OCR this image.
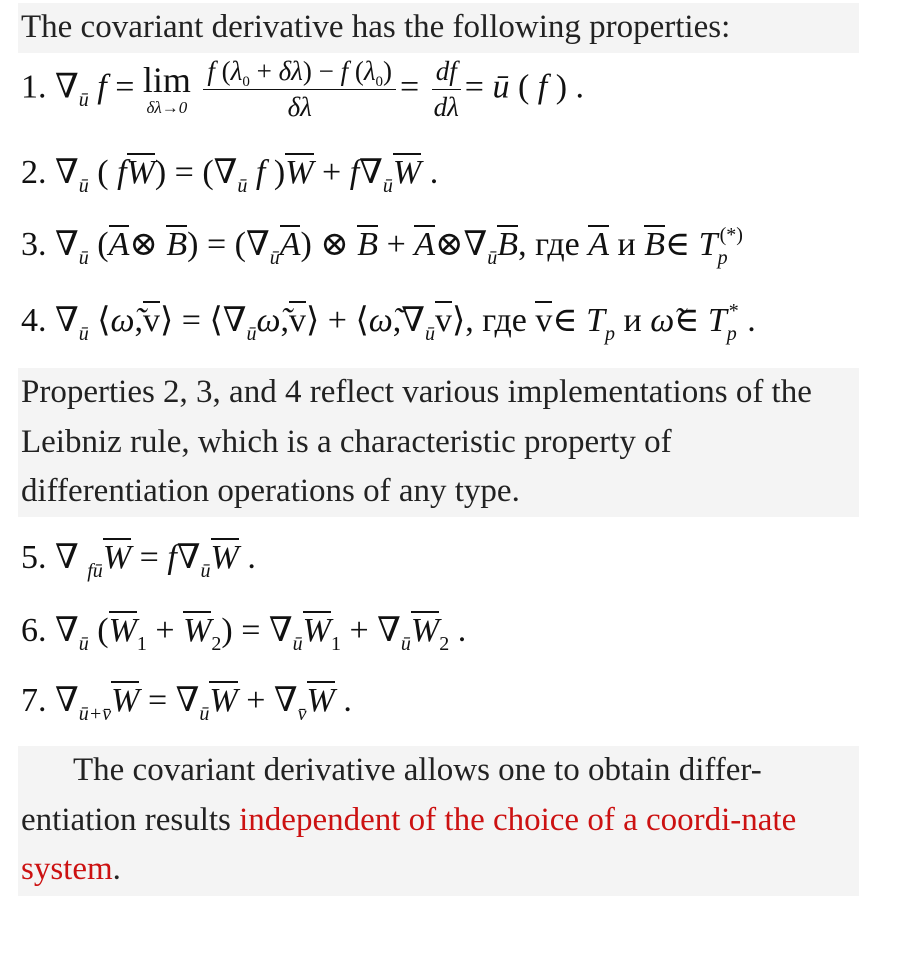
The covariant derivative has the following properties:
1. $\nabla_ū$ f = lim
δλ→0
$\frac{f (\lambda_0 + \delta\lambda) - f (\lambda_0)}{\delta\lambda} = \frac{df}{d\lambda}$ = ū ( f ) .
2. $\nabla_ū$ ( $fW) = (\nabla_ū$ f )$W + f\nabla_ūW$ .
3. $\nabla_ū$ (A⊗ $B) = (\nabla_ūA)$ ⊗ $B + A\otimes\nabla_ūB$, где A и B∈ $T_p^{(*)}$
4. $\nabla_ū$ ⟨ω̃,v⟩ = $⟨\nabla_ū\omegã,v⟩$ + $⟨\omegã,\nabla_ūv⟩$, где v∈ $T_p$ и ω̃∈ $T_p^*$ .
Properties 2, 3, and 4 reflect various implementations of the Leibniz rule, which is a characteristic property of differentiation operations of any type.
5. ∇ $_{fū}W = f\nabla_ūW$ .
6. $\nabla_ū$ $(W_1 + W_2) = \nabla_ūW_1 + \nabla_ūW_2$ .
7. $\nabla_{ū+v̄}W = \nabla_ūW + \nabla_{v̄}W$ .
The covariant derivative allows one to obtain differ-entiation results independent of the choice of a coordi-nate system.
